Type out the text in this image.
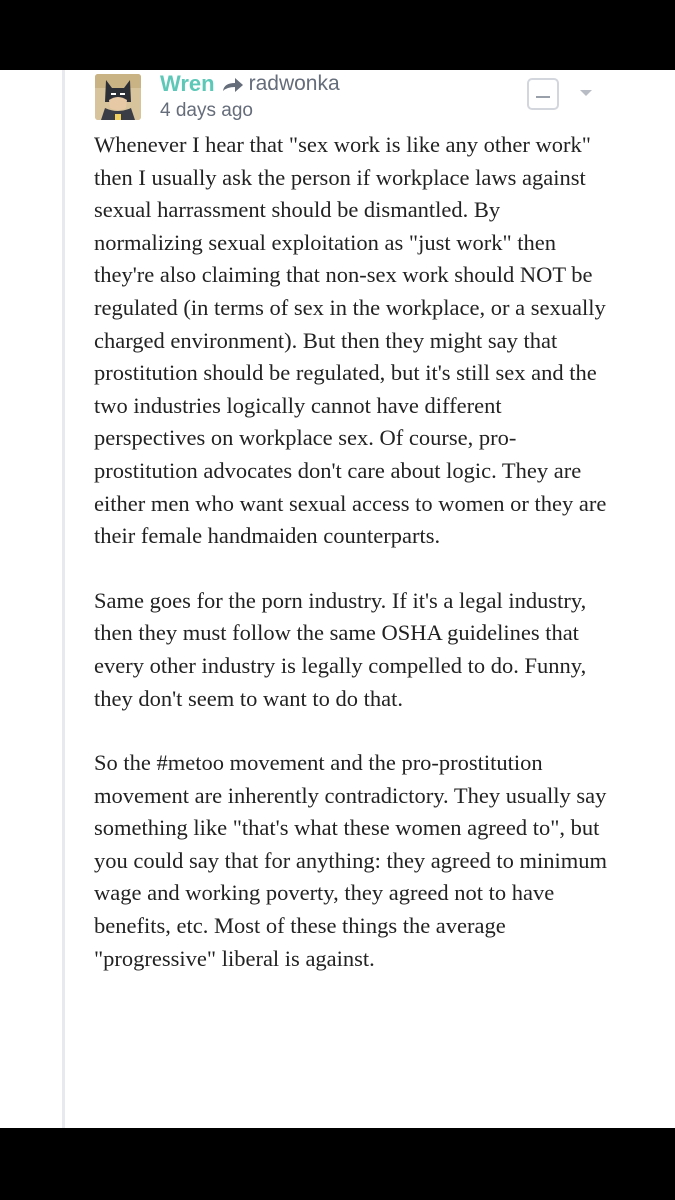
Wren radwonka
4 days ago

Whenever I hear that "sex work is like any other work" then I usually ask the person if workplace laws against sexual harrassment should be dismantled. By normalizing sexual exploitation as "just work" then they're also claiming that non-sex work should NOT be regulated (in terms of sex in the workplace, or a sexually charged environment). But then they might say that prostitution should be regulated, but it's still sex and the two industries logically cannot have different perspectives on workplace sex. Of course, pro-prostitution advocates don't care about logic. They are either men who want sexual access to women or they are their female handmaiden counterparts.

Same goes for the porn industry. If it's a legal industry, then they must follow the same OSHA guidelines that every other industry is legally compelled to do. Funny, they don't seem to want to do that.

So the #metoo movement and the pro-prostitution movement are inherently contradictory. They usually say something like "that's what these women agreed to", but you could say that for anything: they agreed to minimum wage and working poverty, they agreed not to have benefits, etc. Most of these things the average "progressive" liberal is against.
